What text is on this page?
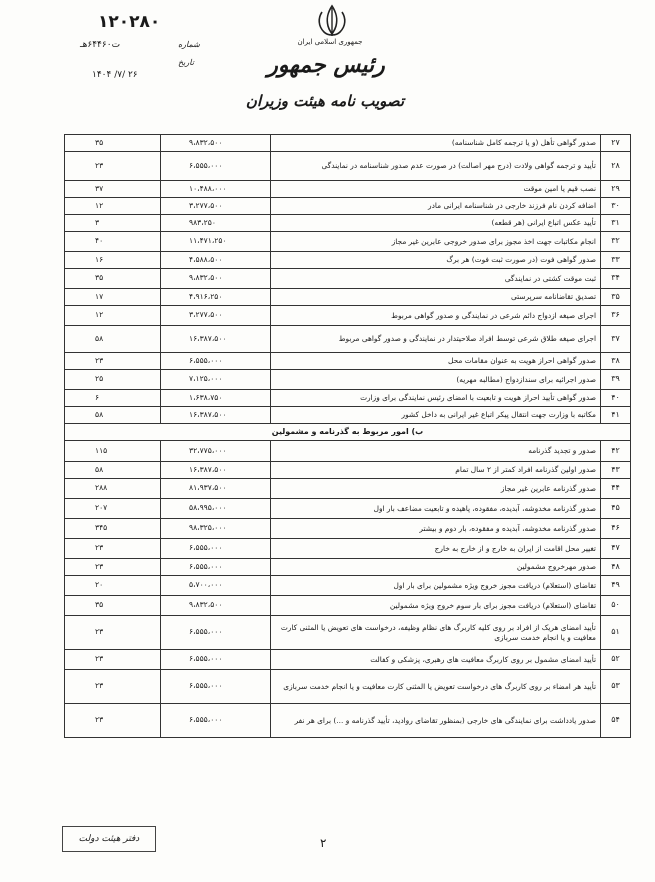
جمهوری اسلامی ایران
رئیس جمهور
تصویب نامه هیئت وزیران
۱۲۰۲۸۰
ت۶۴۴۶۰هـ	شماره
تاریخ
۱۴۰۴ /۷/ ۲۶
۲۷	صدور گواهی تأهل (و یا ترجمه کامل شناسنامه)	۹،۸۳۲،۵۰۰	۳۵
۲۸	تأیید و ترجمه گواهی ولادت (درج مهر اصالت) در صورت عدم صدور شناسنامه در نمایندگی	۶،۵۵۵،۰۰۰	۲۳
۲۹	نصب قیم یا امین موقت	۱۰،۴۸۸،۰۰۰	۳۷
۳۰	اضافه کردن نام فرزند خارجی در شناسنامه ایرانی مادر	۳،۲۷۷،۵۰۰	۱۲
۳۱	تأیید عکس اتباع ایرانی (هر قطعه)	۹۸۳،۲۵۰	۳
۳۲	انجام مکاتبات جهت اخذ مجوز برای صدور خروجی عابرین غیر مجاز	۱۱،۴۷۱،۲۵۰	۴۰
۳۳	صدور گواهی فوت (در صورت ثبت فوت) هر برگ	۴،۵۸۸،۵۰۰	۱۶
۳۴	ثبت موقت کشتی در نمایندگی	۹،۸۳۲،۵۰۰	۳۵
۳۵	تصدیق تقاضانامه سرپرستی	۴،۹۱۶،۲۵۰	۱۷
۳۶	اجرای صیغه ازدواج دائم شرعی در نمایندگی و صدور گواهی مربوط	۳،۲۷۷،۵۰۰	۱۲
۳۷	اجرای صیغه طلاق شرعی توسط افراد صلاحیتدار در نمایندگی و صدور گواهی مربوط	۱۶،۳۸۷،۵۰۰	۵۸
۳۸	صدور گواهی احراز هویت به عنوان مقامات محل	۶،۵۵۵،۰۰۰	۲۳
۳۹	صدور اجرائیه برای سندازدواج (مطالبه مهریه)	۷،۱۲۵،۰۰۰	۲۵
۴۰	صدور گواهی تأیید احراز هویت و تابعیت با امضای رئیس نمایندگی برای وزارت	۱،۶۳۸،۷۵۰	۶
۴۱	مکاتبه با وزارت جهت انتقال پیکر اتباع غیر ایرانی به داخل کشور	۱۶،۳۸۷،۵۰۰	۵۸
ب) امور مربوط به گذرنامه و مشمولین			
۴۲	صدور و تجدید گذرنامه	۳۲،۷۷۵،۰۰۰	۱۱۵
۴۳	صدور اولین گذرنامه افراد کمتر از ۲ سال تمام	۱۶،۳۸۷،۵۰۰	۵۸
۴۴	صدور گذرنامه عابرین غیر مجاز	۸۱،۹۳۷،۵۰۰	۲۸۸
۴۵	صدور گذرنامه مخدوشه، آبدیده، مفقوده، پاهیده و تابعیت مضاعف بار اول	۵۸،۹۹۵،۰۰۰	۲۰۷
۴۶	صدور گذرنامه مخدوشه، آبدیده و مفقوده، بار دوم و بیشتر	۹۸،۳۲۵،۰۰۰	۳۴۵
۴۷	تغییر محل اقامت از ایران به خارج و از خارج به خارج	۶،۵۵۵،۰۰۰	۲۳
۴۸	صدور مهرخروج مشمولین	۶،۵۵۵،۰۰۰	۲۳
۴۹	تقاضای (استعلام) دریافت مجوز خروج ویژه مشمولین برای بار اول	۵،۷۰۰،۰۰۰	۲۰
۵۰	تقاضای (استعلام) دریافت مجوز برای بار سوم خروج ویژه مشمولین	۹،۸۳۲،۵۰۰	۳۵
۵۱	تأیید امضای هریک از افراد بر روی کلیه کاربرگ های نظام وظیفه، درخواست های تعویض یا المثنی کارت معافیت و یا انجام خدمت سربازی	۶،۵۵۵،۰۰۰	۲۳
۵۲	تأیید امضای مشمول بر روی کاربرگ معافیت های رهبری، پزشکی و کفالت	۶،۵۵۵،۰۰۰	۲۳
۵۳	تأیید هر امضاء بر روی کاربرگ های درخواست تعویض یا المثنی کارت معافیت و یا انجام خدمت سربازی	۶،۵۵۵،۰۰۰	۲۳
۵۴	صدور یادداشت برای نمایندگی های خارجی (بمنظور تقاضای روادید، تأیید گذرنامه و ...) برای هر نفر	۶،۵۵۵،۰۰۰	۲۳
دفتر هیئت دولت	۲
